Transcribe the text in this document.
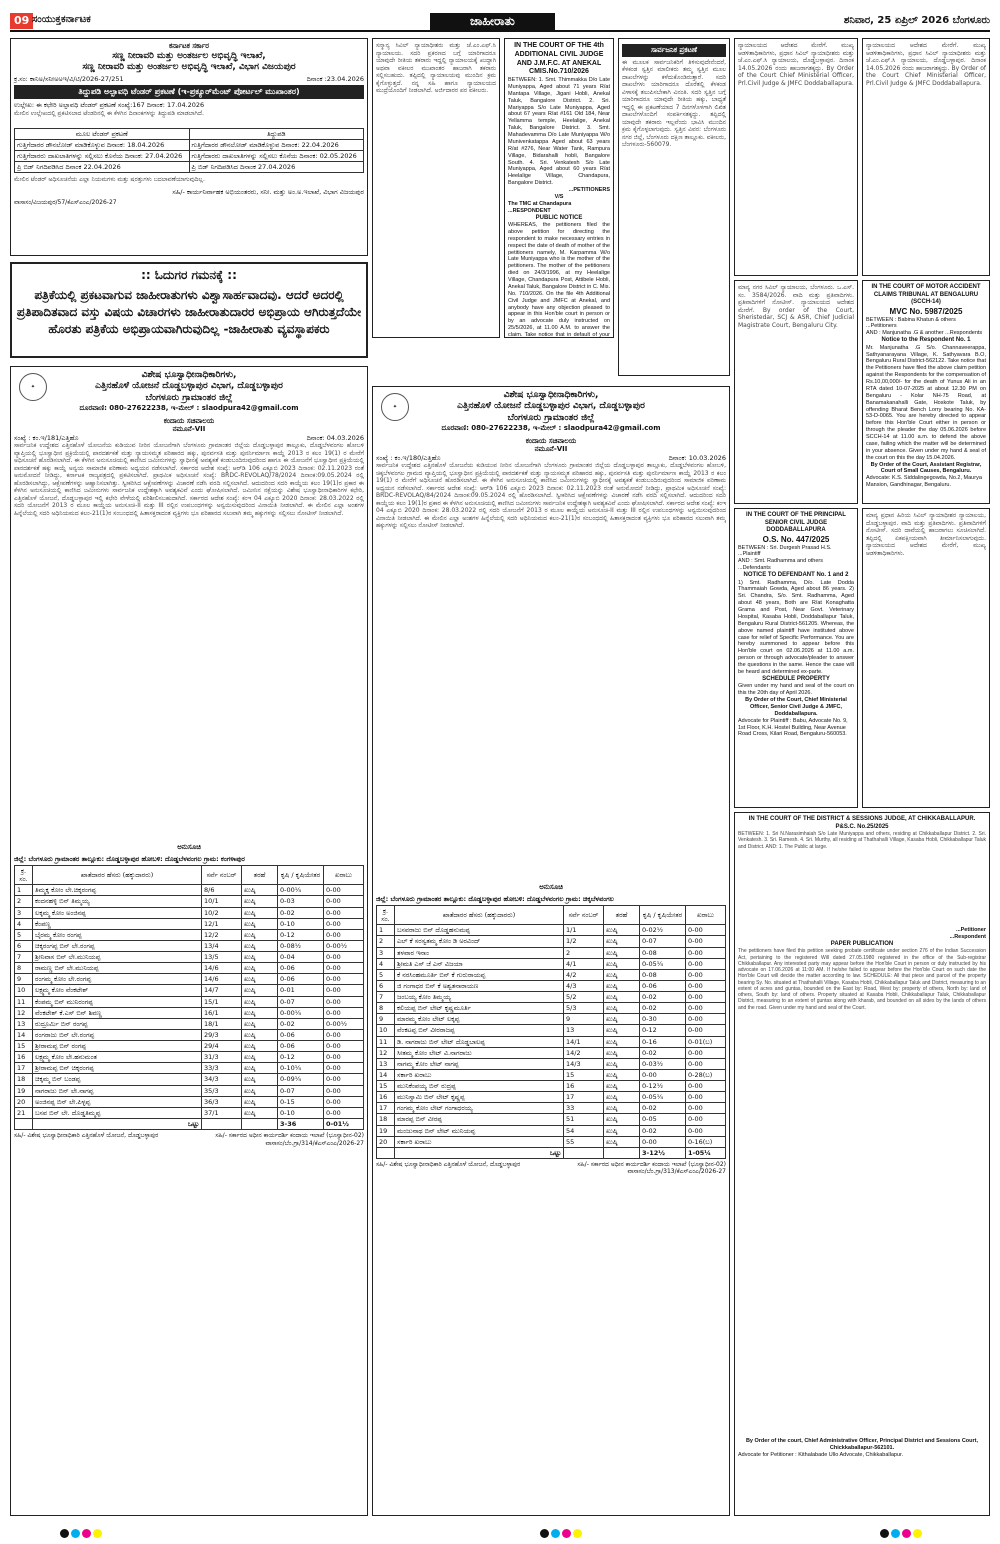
09 ಸಂಯುಕ್ತಕರ್ನಾಟಕ	ಜಾಹೀರಾತು	ಶನಿವಾರ, 25 ಏಪ್ರಿಲ್ 2026 ಬೆಂಗಳೂರು
ಕರ್ನಾಟಕ ಸರ್ಕಾರ
ಸಣ್ಣ ನೀರಾವರಿ ಮತ್ತು ಅಂತರ್ಜಲ ಅಭಿವೃದ್ಧಿ ಇಲಾಖೆ,
ಸಣ್ಣ ನೀರಾವರಿ ಮತ್ತು ಅಂತರ್ಜಲ ಅಭಿವೃದ್ಧಿ ಇಲಾಖೆ, ವಿಭಾಗ ವಿಜಯಪುರ
ಕ್ರ.ಸಂ: ಕಾನಿಅ/ಸನೀಅಅಇ/ವಿ/ಟಿ/2026-27/251	ದಿನಾಂಕ :23.04.2026
ತಿದ್ದುಪಡಿ ಅಲ್ಪಾವಧಿ ಟೆಂಡರ್ ಪ್ರಕಟಣೆ (ಇ-ಪ್ರಕ್ಯೂರ್‌ಮೆಂಟ್ ಪೋರ್ಟಲ್ ಮುಖಾಂತರ)
ಉಲ್ಲೇಖ: ಈ ಕಛೇರಿ ಅಲ್ಪಾವಧಿ ಟೆಂಡರ್ ಪ್ರಕಟಣೆ ಸಂಖ್ಯೆ:167 ದಿನಾಂಕ: 17.04.2026
ಮೇಲಿನ ಉಲ್ಲೇಖದಲ್ಲಿ ಪ್ರಕಟಿಸಲಾದ ಟೆಂಡರಿನಲ್ಲಿ ಈ ಕೆಳಗಿನ ದಿನಾಂಕಗಳನ್ನು ತಿದ್ದುಪಡಿ ಮಾಡಲಾಗಿದೆ.
ಮೂಲ ಟೆಂಡರ್ ಪ್ರಕಟಣೆ	ತಿದ್ದುಪಡಿ
ಗುತ್ತಿಗೆದಾರರ ಡೌನಲೋಡ್ ಮಾಡಿಕೊಳ್ಳುವ ದಿನಾಂಕ: 18.04.2026	ಗುತ್ತಿಗೆದಾರರ ಡೌನಲೋಡ್ ಮಾಡಿಕೊಳ್ಳುವ ದಿನಾಂಕ: 22.04.2026
ಗುತ್ತಿಗೆದಾರರು ದಾಖಲಾತಿಗಳನ್ನು ಸಲ್ಲಿಸಲು ಕೊನೆಯ ದಿನಾಂಕ: 27.04.2026	ಗುತ್ತಿಗೆದಾರರು ದಾಖಲಾತಿಗಳನ್ನು ಸಲ್ಲಿಸಲು ಕೊನೆಯ ದಿನಾಂಕ: 02.05.2026
ಪ್ರಿ ಬಿಡ್ ನಿಗದಿಪಡಿಸಿದ ದಿನಾಂಕ 22.04.2026	ಪ್ರಿ ಬಿಡ್ ನಿಗದಿಪಡಿಸಿದ ದಿನಾಂಕ 27.04.2026
ಮೇಲಿನ ಟೆಂಡರ್ ಅಧಿಸೂಚನೆಯ ಎಲ್ಲಾ ನಿಯಮಗಳು ಮತ್ತು ಷರತ್ತುಗಳು ಬದಲಾವಣೆಯಾಗುವುದಿಲ್ಲ.
ಸಹಿ/- ಕಾರ್ಯನಿರ್ವಾಹಕ ಅಭಿಯಂತರರು, ಸನೀ. ಮತ್ತು ಅಂ.ಅ.ಇಲಾಖೆ, ವಿಭಾಗ ವಿಜಯಪುರ
ವಾಸಾಸಂ/ವಿಜಯಪುರ/57/ಕೆಎಸ್‌ಎಂಎ/2026-27
:: ಓದುಗರ ಗಮನಕ್ಕೆ ::
ಪತ್ರಿಕೆಯಲ್ಲಿ ಪ್ರಕಟವಾಗುವ ಜಾಹೀರಾತುಗಳು ವಿಶ್ವಾಸಾರ್ಹವಾದವು. ಆದರೆ ಅದರಲ್ಲಿ ಪ್ರತಿಪಾದಿತವಾದ ವಸ್ತು ವಿಷಯ ವಿಚಾರಗಳು ಜಾಹೀರಾತುದಾರರ ಅಭಿಪ್ರಾಯ ಆಗಿರುತ್ತದೆಯೇ ಹೊರತು ಪತ್ರಿಕೆಯ ಅಭಿಪ್ರಾಯವಾಗಿರುವುದಿಲ್ಲ -ಜಾಹೀರಾತು ವ್ಯವಸ್ಥಾಪಕರು
✦
ವಿಶೇಷ ಭೂಸ್ವಾಧೀನಾಧಿಕಾರಿಗಳು,
ಎತ್ತಿನಹೊಳೆ ಯೋಜನೆ ದೊಡ್ಡಬಳ್ಳಾಪುರ ವಿಭಾಗ, ದೊಡ್ಡಬಳ್ಳಾಪುರ
ಬೆಂಗಳೂರು ಗ್ರಾಮಾಂತರ ಜಿಲ್ಲೆ
ದೂರವಾಣಿ: 080-27622238, ಇ-ಮೇಲ್ : slaodpura42@gmail.com
ಕಂದಾಯ ಸಚಿವಾಲಯ
ನಮೂನೆ-VII
ಸಂಖ್ಯೆ : ಕಂ.ಇ/181/ಎತ್ತಿಹೊ	ದಿನಾಂಕ: 04.03.2026
ಸಾರ್ವಜನಿಕ ಉದ್ದೇಶದ ಎತ್ತಿನಹೊಳೆ ಯೋಜನೆಯ ಕುಡಿಯುವ ನೀರಿನ ಯೋಜನೆಗಾಗಿ ಬೆಂಗಳೂರು ಗ್ರಾಮಾಂತರ ಜಿಲ್ಲೆಯ ದೊಡ್ಡಬಳ್ಳಾಪುರ ತಾಲ್ಲೂಕು, ದೊಡ್ಡಬೆಳವಂಗಲ ಹೋಬಳಿ ವ್ಯಾಪ್ತಿಯಲ್ಲಿ ಭೂಸ್ವಾಧೀನ ಪ್ರಕ್ರಿಯೆಯಲ್ಲಿ ಪಾರದರ್ಶಕತೆ ಮತ್ತು ನ್ಯಾಯಸಮ್ಮತ ಪರಿಹಾರದ ಹಕ್ಕು, ಪುನರ್ವಸತಿ ಮತ್ತು ಪುನರ್ನಿರ್ಮಾಣ ಕಾಯ್ದೆ 2013 ರ ಕಲಂ 19(1) ರ ಮೇರೆಗೆ ಅಧಿಸೂಚನೆ ಹೊರಡಿಸಲಾಗಿದೆ. ಈ ಕೆಳಗಿನ ಅನುಸೂಚಿಯಲ್ಲಿ ಕಾಣಿಸಿದ ಜಮೀನುಗಳನ್ನು ಸ್ವಾಧೀನಕ್ಕೆ ಅವಶ್ಯಕತೆ ಕಂಡುಬಂದಿರುವುದರಿಂದ ಹಾಗೂ ಈ ಯೋಜನೆಗೆ ಭೂಸ್ವಾಧೀನ ಪ್ರಕ್ರಿಯೆಯಲ್ಲಿ ಪಾರದರ್ಶಕತೆ ಹಕ್ಕು ಕಾಯ್ದೆ ಅನ್ವಯ ಸಾಮಾಜಿಕ ಪರಿಣಾಮ ಅಧ್ಯಯನ ನಡೆಸಲಾಗಿದೆ. ಸರ್ಕಾರದ ಆದೇಶ ಸಂಖ್ಯೆ: ಆರ್‌ಡಿ 106 ಎಕ್ಯೂಬಿ 2023 ದಿನಾಂಕ: 02.11.2023 ರಂತೆ ಅನುಮೋದನೆ ನೀಡಿದ್ದು, ಕರ್ನಾಟಕ ರಾಜ್ಯಪತ್ರದಲ್ಲಿ ಪ್ರಕಟಿಸಲಾಗಿದೆ. ಪ್ರಾಥಮಿಕ ಅಧಿಸೂಚನೆ ಸಂಖ್ಯೆ: BRDC-REVOLAQ/78/2024 ದಿನಾಂಕ:09.05.2024 ರಲ್ಲಿ ಹೊರಡಿಸಲಾಗಿದ್ದು, ಆಕ್ಷೇಪಣೆಗಳನ್ನು ಆಹ್ವಾನಿಸಲಾಗಿತ್ತು. ಸ್ವೀಕರಿಸಿದ ಆಕ್ಷೇಪಣೆಗಳನ್ನು ವಿಚಾರಣೆ ನಡೆಸಿ ವರದಿ ಸಲ್ಲಿಸಲಾಗಿದೆ. ಆದುದರಿಂದ ಸದರಿ ಕಾಯ್ದೆಯ ಕಲಂ 19(1)ರ ಪ್ರಕಾರ ಈ ಕೆಳಗಿನ ಅನುಸೂಚಿಯಲ್ಲಿ ಕಾಣಿಸಿದ ಜಮೀನುಗಳು ಸಾರ್ವಜನಿಕ ಉದ್ದೇಶಕ್ಕಾಗಿ ಅವಶ್ಯಕವಿವೆ ಎಂದು ಘೋಷಿಸಲಾಗಿದೆ. ಜಮೀನಿನ ನಕ್ಷೆಯನ್ನು ವಿಶೇಷ ಭೂಸ್ವಾಧೀನಾಧಿಕಾರಿಗಳ ಕಛೇರಿ, ಎತ್ತಿನಹೊಳೆ ಯೋಜನೆ, ದೊಡ್ಡಬಳ್ಳಾಪುರ ಇಲ್ಲಿ ಕಛೇರಿ ವೇಳೆಯಲ್ಲಿ ಪರಿಶೀಲಿಸಬಹುದಾಗಿದೆ. ಸರ್ಕಾರದ ಆದೇಶ ಸಂಖ್ಯೆ: ಕಂಇ 04 ಎಕ್ಯೂಬಿ 2020 ದಿನಾಂಕ: 28.03.2022 ರಲ್ಲಿ ಸದರಿ ಯೋಜನೆಗೆ 2013 ರ ಮೂಲ ಕಾಯ್ದೆಯ ಅನುಸೂಚಿ-II ಮತ್ತು III ರಲ್ಲಿನ ಉಪಬಂಧಗಳನ್ನು ಅನ್ವಯಿಸುವುದರಿಂದ ವಿನಾಯಿತಿ ನೀಡಲಾಗಿದೆ. ಈ ಮೇಲಿನ ಎಲ್ಲಾ ಅಂಶಗಳ ಹಿನ್ನೆಲೆಯಲ್ಲಿ ಸದರಿ ಅಧಿನಿಯಮದ ಕಲಂ-21(1)ರ ಸಂಬಂಧದಲ್ಲಿ ಹಿತಾಸಕ್ತರಾದಂತ ವ್ಯಕ್ತಿಗಳು ಭೂ ಪರಿಹಾರದ ಸಲುವಾಗಿ ತಮ್ಮ ಹಕ್ಕುಗಳನ್ನು ಸಲ್ಲಿಸಲು ನೋಟೀಸ್ ನೀಡಲಾಗಿದೆ.
ಅನುಸೂಚಿ
ಜಿಲ್ಲೆ: ಬೆಂಗಳೂರು ಗ್ರಾಮಾಂತರ ತಾಲ್ಲೂಕು: ದೊಡ್ಡಬಳ್ಳಾಪುರ ಹೋಬಳಿ: ದೊಡ್ಡಬೆಳವಂಗಲ ಗ್ರಾಮ: ಕಂಗಳಾಪುರ
ಕ್ರ. ಸಂ.	ಖಾತೆದಾರರ ಹೆಸರು (ಹಕ್ಕುದಾರರು)	ಸರ್ವೆ ನಂಬರ್	ತರಹೆ	ಕೃಷಿ / ಕೃಷಿಯೇತರ	ಖರಾಬು
1	ತಿಮ್ಮಕ್ಕ ಕೋಂ ಲೇ.ಚಿಕ್ಕರಂಗಪ್ಪ	8/6	ಖುಷ್ಕಿ	0-00¼	0-00
2	ಕಂದನಹಳ್ಳಿ ಬಿನ್ ತಿಮ್ಮಯ್ಯ	10/1	ಖುಷ್ಕಿ	0-03	0-00
3	ಲಕ್ಕಮ್ಮ ಕೋಂ ಅಂಜಿನಪ್ಪ	10/2	ಖುಷ್ಕಿ	0-02	0-00
4	ಕೆಂಪಣ್ಣ	12/1	ಖುಷ್ಕಿ	0-10	0-00
5	ಬೈರಮ್ಮ ಕೋಂ ರಂಗಪ್ಪ	12/2	ಖುಷ್ಕಿ	0-12	0-00
6	ಚಿಕ್ಕರಂಗಪ್ಪ ಬಿನ್ ಲೇ.ರಂಗಪ್ಪ	13/4	ಖುಷ್ಕಿ	0-08½	0-00½
7	ಶ್ರೀನಿವಾಸ ಬಿನ್ ಲೇ.ಮುನಿಯಪ್ಪ	13/5	ಖುಷ್ಕಿ	0-04	0-00
8	ರಾಮಣ್ಣ ಬಿನ್ ಲೇ.ಮುನಿಯಪ್ಪ	14/6	ಖುಷ್ಕಿ	0-06	0-00
9	ರಂಗಮ್ಮ ಕೋಂ ಲೇ.ರಂಗಪ್ಪ	14/6	ಖುಷ್ಕಿ	0-06	0-00
10	ಲಕ್ಷ್ಮಮ್ಮ ಕೋಂ ವೆಂಕಟೇಶ್	14/7	ಖುಷ್ಕಿ	0-01	0-00
11	ಕೆಂಪಮ್ಮ ಬಿನ್ ಮುನಿರಂಗಪ್ಪ	15/1	ಖುಷ್ಕಿ	0-07	0-00
12	ವೆಂಕಟೇಶ್ ಕೆ.ಎಸ್ ಬಿನ್ ಶಿವಣ್ಣ	16/1	ಖುಷ್ಕಿ	0-00¼	0-00
13	ರುದ್ರೂರ್ಮಿ ಬಿನ್ ರಂಗಪ್ಪ	18/1	ಖುಷ್ಕಿ	0-02	0-00½
14	ರಂಗರಾಜು ಬಿನ್ ಲೇ.ರಂಗಪ್ಪ	29/3	ಖುಷ್ಕಿ	0-06	0-00
15	ಶ್ರೀರಾಮಪ್ಪ ಬಿನ್ ರಂಗಪ್ಪ	29/4	ಖುಷ್ಕಿ	0-06	0-00
16	ಲಕ್ಷ್ಮಮ್ಮ ಕೋಂ ಲೇ.ಹನುಮಂತ	31/3	ಖುಷ್ಕಿ	0-12	0-00
17	ಶ್ರೀರಾಮಪ್ಪ ಬಿನ್ ಚಿಕ್ಕರಂಗಪ್ಪ	33/3	ಖುಷ್ಕಿ	0-10¼	0-00
18	ಚಿಕ್ಕಮ್ಮ ಬಿನ್ ಬಂಡಪ್ಪ	34/3	ಖುಷ್ಕಿ	0-09¼	0-00
19	ನಾಗರಾಜು ಬಿನ್ ಲೇ.ನಾಗಪ್ಪ	35/3	ಖುಷ್ಕಿ	0-07	0-00
20	ಅಂಜಿನಪ್ಪ ಬಿನ್ ಲೇ.ಪಿಳ್ಳಪ್ಪ	36/3	ಖುಷ್ಕಿ	0-15	0-00
21	ಬಸವ ಬಿನ್ ಲೇ. ದೊಡ್ಡತಿಮ್ಮಪ್ಪ	37/1	ಖುಷ್ಕಿ	0-10	0-00
	ಒಟ್ಟು			3-36	0-01½
ಸಹಿ/- ವಿಶೇಷ ಭೂಸ್ವಾಧೀನಾಧಿಕಾರಿ ಎತ್ತಿನಹೊಳೆ ಯೋಜನೆ, ದೊಡ್ಡಬಳ್ಳಾಪುರ	ಸಹಿ/- ಸರ್ಕಾರದ ಅಧೀನ ಕಾರ್ಯದರ್ಶಿ ಕಂದಾಯ ಇಲಾಖೆ (ಭೂಸ್ವಾಧೀನ-02)
ವಾಸಾಸಂ/ಬೆಂ.ಗ್ರಾ/314/ಕೆಎಸ್‌ಎಂಎ/2026-27
ಸನ್ಮಾನ್ಯ ಸಿವಿಲ್ ನ್ಯಾಯಾಧೀಶರು ಮತ್ತು ಜೆ.ಎಂ.ಎಫ್.ಸಿ ನ್ಯಾಯಾಲಯ. ಸದರಿ ಪ್ರಕರಣದ ಬಗ್ಗೆ ಯಾರಿಗಾದರೂ ಯಾವುದೇ ರೀತಿಯ ತಕರಾರು ಇದ್ದಲ್ಲಿ ನ್ಯಾಯಾಲಯಕ್ಕೆ ಖುದ್ದಾಗಿ ಅಥವಾ ವಕೀಲರ ಮುಖಾಂತರ ಹಾಜರಾಗಿ ತಕರಾರು ಸಲ್ಲಿಸಬಹುದು. ತಪ್ಪಿದಲ್ಲಿ ನ್ಯಾಯಾಲಯವು ಮುಂದಿನ ಕ್ರಮ ಕೈಗೊಳ್ಳುತ್ತದೆ. ನನ್ನ ಸಹಿ ಹಾಗೂ ನ್ಯಾಯಾಲಯದ ಮುದ್ರೆಯೊಂದಿಗೆ ನೀಡಲಾಗಿದೆ. ಅರ್ಜಿದಾರರ ಪರ ವಕೀಲರು.
IN THE COURT OF THE 4th ADDITIONAL CIVIL JUDGE AND J.M.F.C. AT ANEKAL
CMIS.No.710/2026
BETWEEN: 1. Smt. Thimmakka D/o Late Muniyappa, Aged about 71 years R/at Mantapa Village, Jigani Hobli, Anekal Taluk, Bangalore District. 2. Sri. Mariyappa S/o Late Muniyappa, Aged about 67 years R/at #161 Old 184, Near Yellamma temple, Heelalige, Anekal Taluk, Bangalore District. 3. Smt. Mahadevamma D/o Late Muniyappa W/o Munivenkatappa Aged about 63 years R/at #276, Near Water Tank, Rampura Village, Bidarahalli hobli, Bangalore South. 4. Sri. Venkatesh S/o Late Muniyappa, Aged about 60 years R/at Heelalige Village, Chandapura, Bangalore District.
...PETITIONERS
V/S
The TMC at Chandapura ...RESPONDENT
PUBLIC NOTICE
WHEREAS, the petitioners filed the above petition for directing the respondent to make necessary entries in respect the date of death of mother of the petitioners namely, M. Karpamma W/o Late Muniyappa who is the mother of the petitioners. The mother of the petitioners died on 24/3/1996, at my Heelalige Village, Chandapura Post, Attibele Hobli, Anekal Taluk, Bangalore District in C. Mis. No. 710/2026. On the file 4th Additional Civil Judge and JMFC at Anekal, and anybody have any objection pleased to appear in this Hon'ble court in person or by an advocate duly instructed on 25/5/2026, at 11.00 A.M. to answer the claim. Take notice that in default of your
✦
ವಿಶೇಷ ಭೂಸ್ವಾಧೀನಾಧಿಕಾರಿಗಳು,
ಎತ್ತಿನಹೊಳೆ ಯೋಜನೆ ದೊಡ್ಡಬಳ್ಳಾಪುರ ವಿಭಾಗ, ದೊಡ್ಡಬಳ್ಳಾಪುರ
ಬೆಂಗಳೂರು ಗ್ರಾಮಾಂತರ ಜಿಲ್ಲೆ
ದೂರವಾಣಿ: 080-27622238, ಇ-ಮೇಲ್ : slaodpura42@gmail.com
ಕಂದಾಯ ಸಚಿವಾಲಯ
ನಮೂನೆ-VII
ಸಂಖ್ಯೆ : ಕಂ.ಇ/180/ಎತ್ತಿಹೊ	ದಿನಾಂಕ: 10.03.2026
ಸಾರ್ವಜನಿಕ ಉದ್ದೇಶದ ಎತ್ತಿನಹೊಳೆ ಯೋಜನೆಯ ಕುಡಿಯುವ ನೀರಿನ ಯೋಜನೆಗಾಗಿ ಬೆಂಗಳೂರು ಗ್ರಾಮಾಂತರ ಜಿಲ್ಲೆಯ ದೊಡ್ಡಬಳ್ಳಾಪುರ ತಾಲ್ಲೂಕು, ದೊಡ್ಡಬೆಳವಂಗಲ ಹೋಬಳಿ, ಚಿಕ್ಕಬೆಳವಂಗಲ ಗ್ರಾಮದ ವ್ಯಾಪ್ತಿಯಲ್ಲಿ ಭೂಸ್ವಾಧೀನ ಪ್ರಕ್ರಿಯೆಯಲ್ಲಿ ಪಾರದರ್ಶಕತೆ ಮತ್ತು ನ್ಯಾಯಸಮ್ಮತ ಪರಿಹಾರದ ಹಕ್ಕು, ಪುನರ್ವಸತಿ ಮತ್ತು ಪುನರ್ನಿರ್ಮಾಣ ಕಾಯ್ದೆ 2013 ರ ಕಲಂ 19(1) ರ ಮೇರೆಗೆ ಅಧಿಸೂಚನೆ ಹೊರಡಿಸಲಾಗಿದೆ. ಈ ಕೆಳಗಿನ ಅನುಸೂಚಿಯಲ್ಲಿ ಕಾಣಿಸಿದ ಜಮೀನುಗಳನ್ನು ಸ್ವಾಧೀನಕ್ಕೆ ಅವಶ್ಯಕತೆ ಕಂಡುಬಂದಿರುವುದರಿಂದ ಸಾಮಾಜಿಕ ಪರಿಣಾಮ ಅಧ್ಯಯನ ನಡೆಸಲಾಗಿದೆ. ಸರ್ಕಾರದ ಆದೇಶ ಸಂಖ್ಯೆ: ಆರ್‌ಡಿ 106 ಎಕ್ಯೂಬಿ 2023 ದಿನಾಂಕ: 02.11.2023 ರಂತೆ ಅನುಮೋದನೆ ನೀಡಿದ್ದು, ಪ್ರಾಥಮಿಕ ಅಧಿಸೂಚನೆ ಸಂಖ್ಯೆ: BRDC-REVOLAQ/84/2024 ದಿನಾಂಕ:09.05.2024 ರಲ್ಲಿ ಹೊರಡಿಸಲಾಗಿದೆ. ಸ್ವೀಕರಿಸಿದ ಆಕ್ಷೇಪಣೆಗಳನ್ನು ವಿಚಾರಣೆ ನಡೆಸಿ ವರದಿ ಸಲ್ಲಿಸಲಾಗಿದೆ. ಆದುದರಿಂದ ಸದರಿ ಕಾಯ್ದೆಯ ಕಲಂ 19(1)ರ ಪ್ರಕಾರ ಈ ಕೆಳಗಿನ ಅನುಸೂಚಿಯಲ್ಲಿ ಕಾಣಿಸಿದ ಜಮೀನುಗಳು ಸಾರ್ವಜನಿಕ ಉದ್ದೇಶಕ್ಕಾಗಿ ಅವಶ್ಯಕವಿವೆ ಎಂದು ಘೋಷಿಸಲಾಗಿದೆ. ಸರ್ಕಾರದ ಆದೇಶ ಸಂಖ್ಯೆ: ಕಂಇ 04 ಎಕ್ಯೂಬಿ 2020 ದಿನಾಂಕ: 28.03.2022 ರಲ್ಲಿ ಸದರಿ ಯೋಜನೆಗೆ 2013 ರ ಮೂಲ ಕಾಯ್ದೆಯ ಅನುಸೂಚಿ-II ಮತ್ತು III ರಲ್ಲಿನ ಉಪಬಂಧಗಳನ್ನು ಅನ್ವಯಿಸುವುದರಿಂದ ವಿನಾಯಿತಿ ನೀಡಲಾಗಿದೆ. ಈ ಮೇಲಿನ ಎಲ್ಲಾ ಅಂಶಗಳ ಹಿನ್ನೆಲೆಯಲ್ಲಿ ಸದರಿ ಅಧಿನಿಯಮದ ಕಲಂ-21(1)ರ ಸಂಬಂಧದಲ್ಲಿ ಹಿತಾಸಕ್ತರಾದಂತ ವ್ಯಕ್ತಿಗಳು ಭೂ ಪರಿಹಾರದ ಸಲುವಾಗಿ ತಮ್ಮ ಹಕ್ಕುಗಳನ್ನು ಸಲ್ಲಿಸಲು ನೋಟೀಸ್ ನೀಡಲಾಗಿದೆ.
ಅನುಸೂಚಿ
ಜಿಲ್ಲೆ: ಬೆಂಗಳೂರು ಗ್ರಾಮಾಂತರ ತಾಲ್ಲೂಕು: ದೊಡ್ಡಬಳ್ಳಾಪುರ ಹೋಬಳಿ: ದೊಡ್ಡಬೆಳವಂಗಲ ಗ್ರಾಮ: ಚಿಕ್ಕಬೆಳವಂಗಲ
ಕ್ರ. ಸಂ.	ಖಾತೆದಾರರ ಹೆಸರು (ಹಕ್ಕುದಾರರು)	ಸರ್ವೆ ನಂಬರ್	ತರಹೆ	ಕೃಷಿ / ಕೃಷಿಯೇತರ	ಖರಾಬು
1	ಬಸವರಾಜು ಬಿನ್ ದೊಡ್ಡಹನುಮಪ್ಪ	1/1	ಖುಷ್ಕಿ	0-02½	0-00
2	ಎಲ್ ಕೆ ಸರಸ್ವತಮ್ಮ ಕೋಂ ಡಿ ಅರವಿಂದ್	1/2	ಖುಷ್ಕಿ	0-07	0-00
3	ತಳವಾರ ಇನಾಂ	2	ಖುಷ್ಕಿ	0-08	0-00
4	ಶ್ರೀಮತಿ ಎಸ್ ಜೆ ಎನ್ ವಿಜಯಾ	4/1	ಖುಷ್ಕಿ	0-05¼	0-00
5	ಕೆ ನರಸಿಂಹಮೂರ್ತಿ ಬಿನ್ ಕೆ ಗುರುರಾಯಪ್ಪ	4/2	ಖುಷ್ಕಿ	0-08	0-00
6	ಜಿ ಗಂಗಾಧರ ಬಿನ್ ಕೆ ಅಶ್ವತನಾರಾಯಣ	4/3	ಖುಷ್ಕಿ	0-06	0-00
7	ಜಂಬಯ್ಯ ಕೋಂ ತಿಮ್ಮಯ್ಯ	5/2	ಖುಷ್ಕಿ	0-02	0-00
8	ಕಲಿಯಪ್ಪ ಬಿನ್ ಲೇಟ್ ಕೃಷ್ಣಮೂರ್ತಿ	5/3	ಖುಷ್ಕಿ	0-02	0-00
9	ಮಾರಮ್ಮ ಕೋಂ ಲೇಟ್ ಲಕ್ಕಪ್ಪ	9	ಖುಷ್ಕಿ	0-30	0-00
10	ವೆಂಕಟಪ್ಪ ಬಿನ್ ವೀರರಾಜಪ್ಪ	13	ಖುಷ್ಕಿ	0-12	0-00
11	ಡಿ. ನಾಗರಾಜು ಬಿನ್ ಲೇಟ್ ದೊಡ್ಡಬಾಲಪ್ಪ	14/1	ಖುಷ್ಕಿ	0-16	0-01(ಬ)
12	ಸೀತಮ್ಮ ಕೋಂ ಲೇಟ್ ವಿ.ನಾಗರಾಜು	14/2	ಖುಷ್ಕಿ	0-02	0-00
13	ನಾಗಮ್ಮ ಕೋಂ ಲೇಟ್ ನಾಗಪ್ಪ	14/3	ಖುಷ್ಕಿ	0-03½	0-00
14	ಸರ್ಕಾರಿ ಖರಾಬು	15	ಖುಷ್ಕಿ	0-00	0-28(ಬ)
15	ಮುನಿಕೆಂಪಯ್ಯ ಬಿನ್ ರುದ್ರಪ್ಪ	16	ಖುಷ್ಕಿ	0-12½	0-00
16	ಮುನಿಸ್ವಾಮಿ ಬಿನ್ ಲೇಟ್ ಕೃಷ್ಣಪ್ಪ	17	ಖುಷ್ಕಿ	0-05¼	0-00
17	ಗಂಗಮ್ಮ ಕೋಂ ಲೇಟ್ ಗಂಗಾಧರಯ್ಯ	33	ಖುಷ್ಕಿ	0-02	0-00
18	ಮಾರಪ್ಪ ಬಿನ್ ವೀರಪ್ಪ	51	ಖುಷ್ಕಿ	0-05	0-00
19	ಮಂಜುನಾಥ ಬಿನ್ ಲೇಟ್ ಮುನಿಯಪ್ಪ	54	ಖುಷ್ಕಿ	0-02	0-00
20	ಸರ್ಕಾರಿ ಖರಾಬು	55	ಖುಷ್ಕಿ	0-00	0-16(ಬ)
	ಒಟ್ಟು			3-12½	1-05¼
ಸಹಿ/- ವಿಶೇಷ ಭೂಸ್ವಾಧೀನಾಧಿಕಾರಿ ಎತ್ತಿನಹೊಳೆ ಯೋಜನೆ, ದೊಡ್ಡಬಳ್ಳಾಪುರ	ಸಹಿ/- ಸರ್ಕಾರದ ಅಧೀನ ಕಾರ್ಯದರ್ಶಿ ಕಂದಾಯ ಇಲಾಖೆ (ಭೂಸ್ವಾಧೀನ-02)
ವಾಸಾಸಂ/ಬೆಂ.ಗ್ರಾ/313/ಕೆಎಸ್‌ಎಂಎ/2026-27
ಸಾರ್ವಜನಿಕ ಪ್ರಕಟಣೆ
ಈ ಮೂಲಕ ಸಾರ್ವಜನಿಕರಿಗೆ ತಿಳಿಸುವುದೇನೆಂದರೆ, ಕೆಳಕಂಡ ಸ್ವತ್ತಿನ ಮಾಲೀಕರು ತಮ್ಮ ಸ್ವತ್ತಿನ ಮೂಲ ದಾಖಲೆಗಳನ್ನು ಕಳೆದುಕೊಂಡಿರುತ್ತಾರೆ. ಸದರಿ ದಾಖಲೆಗಳು ಯಾರಿಗಾದರೂ ದೊರೆತಲ್ಲಿ ಕೆಳಕಂಡ ವಿಳಾಸಕ್ಕೆ ತಲುಪಿಸಬೇಕಾಗಿ ವಿನಂತಿ. ಸದರಿ ಸ್ವತ್ತಿನ ಬಗ್ಗೆ ಯಾರಿಗಾದರೂ ಯಾವುದೇ ರೀತಿಯ ಹಕ್ಕು, ಬಾಧ್ಯತೆ ಇದ್ದಲ್ಲಿ ಈ ಪ್ರಕಟಣೆಯಾದ 7 ದಿನಗಳೊಳಗಾಗಿ ಲಿಖಿತ ದಾಖಲೆಗಳೊಂದಿಗೆ ಸಂಪರ್ಕಿಸತಕ್ಕದ್ದು. ತಪ್ಪಿದಲ್ಲಿ ಯಾವುದೇ ತಕರಾರು ಇಲ್ಲವೆಂದು ಭಾವಿಸಿ ಮುಂದಿನ ಕ್ರಮ ಕೈಗೊಳ್ಳಲಾಗುವುದು. ಸ್ವತ್ತಿನ ವಿವರ: ಬೆಂಗಳೂರು ನಗರ ಜಿಲ್ಲೆ, ಬೆಂಗಳೂರು ದಕ್ಷಿಣ ತಾಲ್ಲೂಕು. ವಕೀಲರು, ಬೆಂಗಳೂರು-560079.
ನ್ಯಾಯಾಲಯದ ಆದೇಶದ ಮೇರೆಗೆ. ಮುಖ್ಯ ಆಡಳಿತಾಧಿಕಾರಿಗಳು, ಪ್ರಧಾನ ಸಿವಿಲ್ ನ್ಯಾಯಾಧೀಶರು ಮತ್ತು ಜೆ.ಎಂ.ಎಫ್.ಸಿ ನ್ಯಾಯಾಲಯ, ದೊಡ್ಡಬಳ್ಳಾಪುರ. ದಿನಾಂಕ 14.05.2026 ರಂದು ಹಾಜರಾಗತಕ್ಕದ್ದು. By Order of the Court Chief Ministerial Officer, Prl.Civil Judge & JMFC Doddaballapura.
ನ್ಯಾಯಾಲಯದ ಆದೇಶದ ಮೇರೆಗೆ. ಮುಖ್ಯ ಆಡಳಿತಾಧಿಕಾರಿಗಳು, ಪ್ರಧಾನ ಸಿವಿಲ್ ನ್ಯಾಯಾಧೀಶರು ಮತ್ತು ಜೆ.ಎಂ.ಎಫ್.ಸಿ ನ್ಯಾಯಾಲಯ, ದೊಡ್ಡಬಳ್ಳಾಪುರ. ದಿನಾಂಕ 14.05.2026 ರಂದು ಹಾಜರಾಗತಕ್ಕದ್ದು. By Order of the Court Chief Ministerial Officer, Prl.Civil Judge & JMFC Doddaballapura.
ಮಾನ್ಯ ನಗರ ಸಿವಿಲ್ ನ್ಯಾಯಾಲಯ, ಬೆಂಗಳೂರು. ಒ.ಎಸ್. ಸಂ. 3584/2026. ವಾದಿ ಮತ್ತು ಪ್ರತಿವಾದಿಗಳು. ಪ್ರತಿವಾದಿಗಳಿಗೆ ನೋಟೀಸ್. ನ್ಯಾಯಾಲಯದ ಆದೇಶದ ಮೇರೆಗೆ. By order of the Court, Sheristedar, SCJ & ASR, Chief Judicial Magistrate Court, Bengaluru City.
IN THE COURT OF MOTOR ACCIDENT CLAIMS TRIBUNAL AT BENGALURU (SCCH-14)
MVC No. 5987/2025
BETWEEN : Babina Khatun & others ...Petitioners
AND : Manjunatha .G & another ...Respondents
Notice to the Respondent No. 1
Mr. Manjunatha .G S/o. Channaveerappa, Sathyanarayana Village, K. Sathyavara B.O, Bengaluru Rural District-562122. Take notice that the Petitioners have filed the above claim petition against the Respondents for the compensation of Rs.10,00,000/- for the death of Yunus Ali in an RTA dated 10-07-2025 at about 12.30 PM on Bengaluru - Kolar NH-75 Road, at Banamakanahalli Gate, Hoskote Taluk, by offending Bharat Bench Lorry bearing No. KA-53-D-0065. You are hereby directed to appear before this Hon'ble Court either in person or through the pleader the day 05.06.2026 before SCCH-14 at 11.00 a.m. to defend the above case, failing which the matter will be determined in your absence. Given under my hand & seal of the court on this the day 15.04.2026.
By Order of the Court, Assistant Registrar, Court of Small Causes, Bengaluru.
Advocate: K.S. Siddalingegowda, No.2, Maurya Mansion, Gandhinagar, Bengaluru.
IN THE COURT OF THE PRINCIPAL SENIOR CIVIL JUDGE DODDABALLAPURA
O.S. No. 447/2025
BETWEEN : Sri. Durgesh Prasad H.S. ...Plaintiff
AND : Smt. Radhamma and others ...Defendants
NOTICE TO DEFENDANT No. 1 and 2
1) Smt. Radhamma, D/o. Late Dodda Thammaiah Gowda, Aged about 86 years. 2) Sri. Chandra, S/o. Smt. Radhamma, Aged about 48 years, Both are R/at Konaghatta Grama and Post, Near Govt. Veterinary Hospital, Kasaba Hobli, Doddaballapur Taluk, Bengaluru Rural District-561205. Whereas, the above named plaintiff have instituted above case for relief of Specific Performance. You are hereby summoned to appear before this Hon'ble court on 02.06.2026 at 11.00 a.m. person or through advocate/pleader to answer the questions in the same. Hence the case will be heard and determined ex-parte.
SCHEDULE PROPERTY
Given under my hand and seal of the court on this the 20th day of April 2026.
By Order of the Court, Chief Ministerial Officer, Senior Civil Judge & JMFC, Doddaballapura.
Advocate for Plaintiff : Babu, Advocate No. 9, 1st Floor, K.H. Hostel Building, Near Avenue Road Cross, Kilari Road, Bengaluru-560053.
ಮಾನ್ಯ ಪ್ರಧಾನ ಹಿರಿಯ ಸಿವಿಲ್ ನ್ಯಾಯಾಧೀಶರ ನ್ಯಾಯಾಲಯ, ದೊಡ್ಡಬಳ್ಳಾಪುರ. ವಾದಿ ಮತ್ತು ಪ್ರತಿವಾದಿಗಳು. ಪ್ರತಿವಾದಿಗಳಿಗೆ ನೋಟೀಸ್. ಸದರಿ ದಾವೆಯಲ್ಲಿ ಹಾಜರಾಗಲು ಸೂಚಿಸಲಾಗಿದೆ. ತಪ್ಪಿದಲ್ಲಿ ಏಕಪಕ್ಷೀಯವಾಗಿ ತೀರ್ಮಾನಿಸಲಾಗುವುದು. ನ್ಯಾಯಾಲಯದ ಆದೇಶದ ಮೇರೆಗೆ, ಮುಖ್ಯ ಆಡಳಿತಾಧಿಕಾರಿಗಳು.
IN THE COURT OF THE DISTRICT & SESSIONS JUDGE, AT CHIKKABALLAPUR.
P&S.C. No.25/2025
BETWEEN: 1. Sri N.Narasimhaiah S/o Late Muniyappa and others, residing at Chikkaballapur District. 2. Sri. Venkatesh. 3. Sri. Ramesh. 4. Sri. Murthy, all residing at Thathahalli Village, Kasaba Hobli, Chikkaballapur Taluk and District. AND: 1. The Public at large.
...Petitioner
...Respondent
PAPER PUBLICATION
The petitioners have filed this petition seeking probate certificate under section 276 of the Indian Succession Act, pertaining to the registered Will dated 27.05.1980 registered in the office of the Sub-registrar Chikkaballapur. Any interested party may appear before the Hon'ble Court in person or duly instructed by his advocate on 17.06.2026 at 11:00 AM. If he/she failed to appear before the Hon'ble Court on such date the Hon'ble Court will decide the matter according to law. SCHEDULE: All that piece and parcel of the property bearing Sy. No. situated at Thathahalli Village, Kasaba Hobli, Chikkaballapur Taluk and District, measuring to an extent of acres and guntas, bounded on the East by: Road, West by: property of others, North by: land of others, South by: land of others. Property situated at Kasaba Hobli, Chikkaballapur Taluk, Chikkaballapur District, measuring to an extent of guntas along with kharab, and bounded on all sides by the lands of others and the road. Given under my hand and seal of the Court.
By Order of the court, Chief Administrative Officer, Principal District and Sessions Court, Chickkaballapur-562101.
Advocate for Petitioner : Kithalabade Ullo Advocate, Chikkaballapur.
